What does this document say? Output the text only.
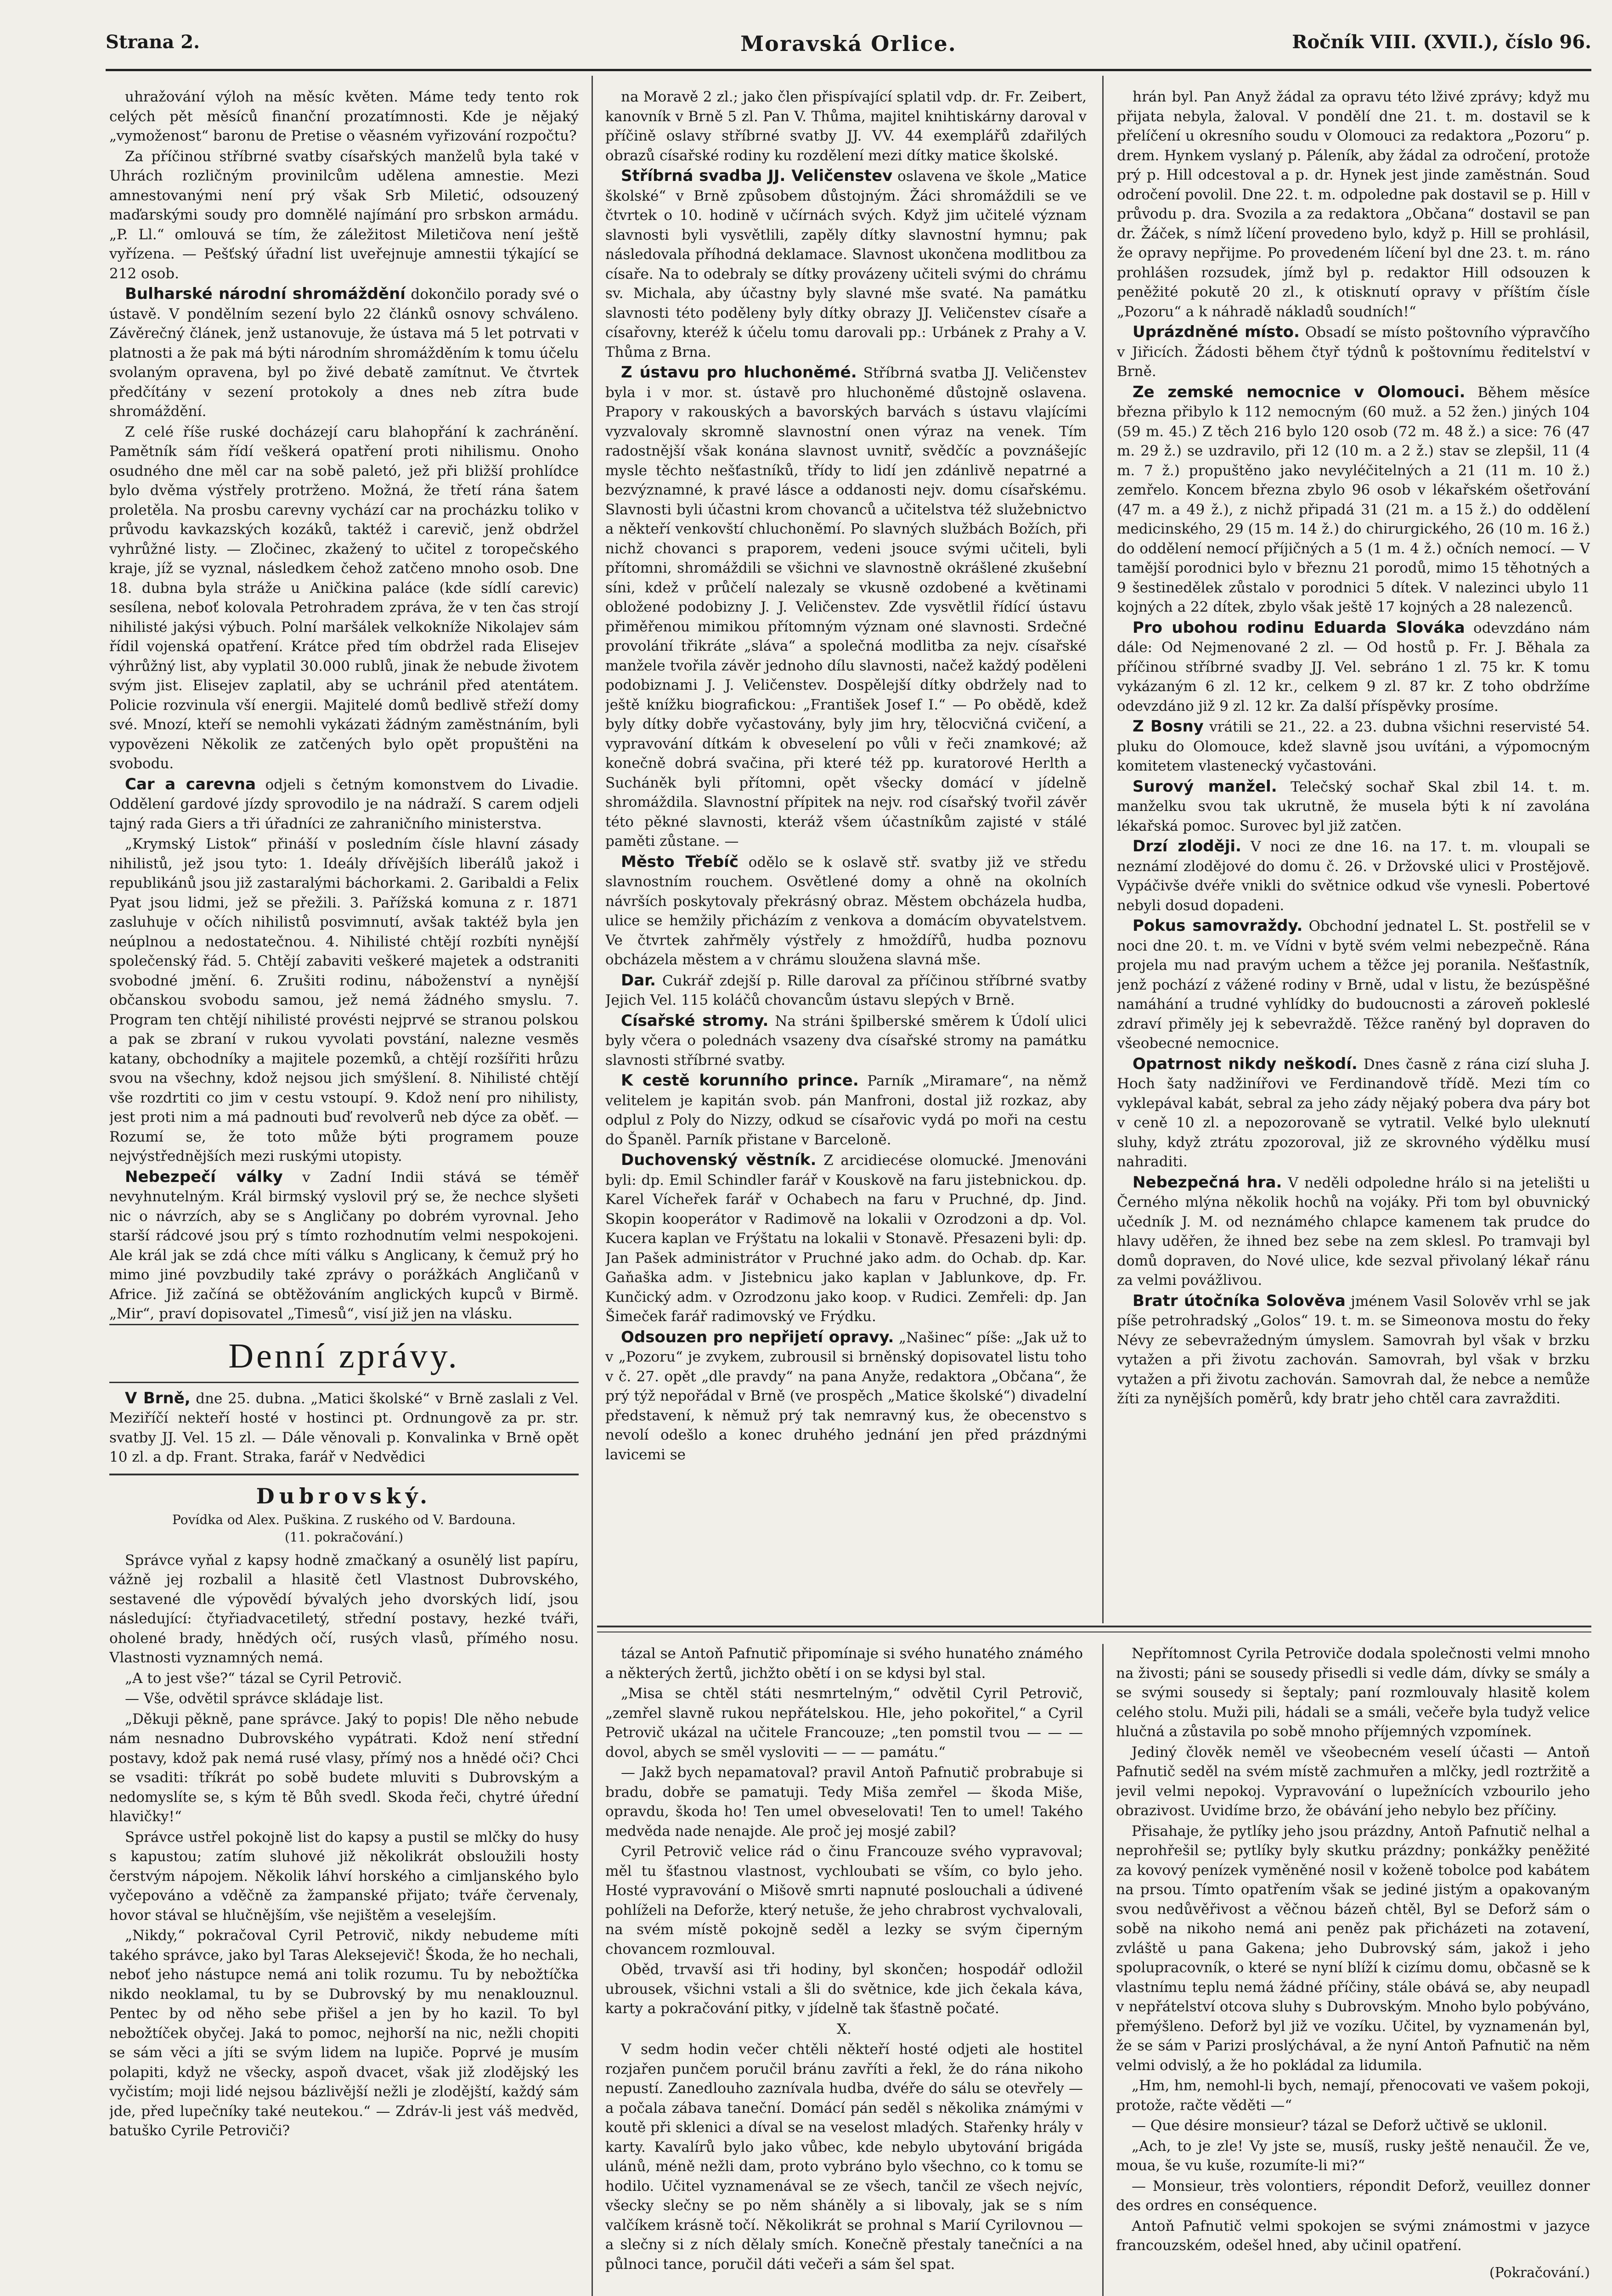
Strana 2.	Moravská Orlice.	Ročník VIII. (XVII.), číslo 96.

uhražování výloh na měsíc květen. Máme tedy tento rok celých pět měsíců finanční prozatímnosti. Kde je nějaký „vymoženost“ baronu de Pretise o věasném vyřizování rozpočtu?

Za příčinou stříbrné svatby císařských manželů byla také v Uhrách rozličným provinilcům udělena amnestie. Mezi amnestovanými není prý však Srb Miletić, odsouzený maďarskými soudy pro domnělé najímání pro srbskon armádu. „P. Ll.“ omlouvá se tím, že záležitost Miletičova není ještě vyřízena. — Pešťský úřadní list uveřejnuje amnestii týkající se 212 osob.

Bulharské národní shromáždění dokončilo porady své o ústavě. V pondělním sezení bylo 22 článků osnovy schváleno. Závěrečný článek, jenž ustanovuje, že ústava má 5 let potrvati v platnosti a že pak má býti národním shromážděním k tomu účelu svolaným opravena, byl po živé debatě zamítnut. Ve čtvrtek předčítány v sezení protokoly a dnes neb zítra bude shromáždění.

Z celé říše ruské docházejí caru blahopřání k zachránění. Pamětník sám řídí veškerá opatření proti nihilismu. Onoho osudného dne měl car na sobě paletó, jež při bližší prohlídce bylo dvěma výstřely protrženo. Možná, že třetí rána šatem proletěla. Na prosbu carevny vychází car na procházku toliko v průvodu kavkazských kozáků, taktéž i carevič, jenž obdržel vyhrůžné listy. — Zločinec, zkažený to učitel z toropečského kraje, jíž se vyznal, následkem čehož zatčeno mnoho osob. Dne 18. dubna byla stráže u Aničkina paláce (kde sídlí carevic) sesílena, neboť kolovala Petrohradem zpráva, že v ten čas strojí nihilisté jakýsi výbuch. Polní maršálek velkokníže Nikolajev sám řídil vojenská opatření. Krátce před tím obdržel rada Elisejev výhrůžný list, aby vyplatil 30.000 rublů, jinak že nebude životem svým jist. Elisejev zaplatil, aby se uchránil před atentátem. Policie rozvinula vší energii. Majitelé domů bedlivě střeží domy své. Mnozí, kteří se nemohli vykázati žádným zaměstnáním, byli vypovězeni Několik ze zatčených bylo opět propuštěni na svobodu.

Car a carevna odjeli s četným komonstvem do Livadie. Oddělení gardové jízdy sprovodilo je na nádraží. S carem odjeli tajný rada Giers a tři úřadníci ze zahraničního ministerstva.

„Krymský Listok“ přináší v posledním čísle hlavní zásady nihilistů, jež jsou tyto: 1. Ideály dřívějších liberálů jakož i republikánů jsou již zastaralými báchorkami. 2. Garibaldi a Felix Pyat jsou lidmi, jež se přežili. 3. Pařížská komuna z r. 1871 zasluhuje v očích nihilistů posvimnutí, avšak taktéž byla jen neúplnou a nedostatečnou. 4. Nihilisté chtějí rozbíti nynější společenský řád. 5. Chtějí zabaviti veškeré majetek a odstraniti svobodné jmění. 6. Zrušiti rodinu, náboženství a nynější občanskou svobodu samou, jež nemá žádného smyslu. 7. Program ten chtějí nihilisté provésti nejprvé se stranou polskou a pak se zbraní v rukou vyvolati povstání, nalezne vesměs katany, obchodníky a majitele pozemků, a chtějí rozšířiti hrůzu svou na všechny, kdož nejsou jich smýšlení. 8. Nihilisté chtějí vše rozdrtiti co jim v cestu vstoupí. 9. Kdož není pro nihilisty, jest proti nim a má padnouti buď revolverů neb dýce za oběť. — Rozumí se, že toto může býti programem pouze nejvýstřednějších mezi ruskými utopisty.

Nebezpečí války v Zadní Indii stává se téměř nevyhnutelným. Král birmský vyslovil prý se, že nechce slyšeti nic o návrzích, aby se s Angličany po dobrém vyrovnal. Jeho starší rádcové jsou prý s tímto rozhodnutím velmi nespokojeni. Ale král jak se zdá chce míti válku s Anglicany, k čemuž prý ho mimo jiné povzbudily také zprávy o porážkách Angličanů v Africe. Již začíná se obtěžováním anglických kupců v Birmě. „Mir“, praví dopisovatel „Timesů“, visí již jen na vlásku.

Denní zprávy.

V Brně, dne 25. dubna. „Matici školské“ v Brně zaslali z Vel. Meziříčí nekteří hosté v hostinci pt. Ordnungově za pr. str. svatby JJ. Vel. 15 zl. — Dále věnovali p. Konvalinka v Brně opět 10 zl. a dp. Frant. Straka, farář v Nedvědici

Dubrovský.

Povídka od Alex. Puškina. Z ruského od V. Bardouna.

(11. pokračování.)

Správce vyňal z kapsy hodně zmačkaný a osunělý list papíru, vážně jej rozbalil a hlasitě četl Vlastnost Dubrovského, sestavené dle výpovědí bývalých jeho dvorských lidí, jsou následující: čtyřiadvacetiletý, střední postavy, hezké tváři, oholené brady, hnědých očí, rusých vlasů, přímého nosu. Vlastnosti vyznamných nemá.

„A to jest vše?“ tázal se Cyril Petrovič.

— Vše, odvětil správce skládaje list.

„Děkuji pěkně, pane správce. Jaký to popis! Dle něho nebude nám nesnadno Dubrovského vypátrati. Kdož není střední postavy, kdož pak nemá rusé vlasy, přímý nos a hnědé oči? Chci se vsaditi: tříkrát po sobě budete mluviti s Dubrovským a nedomyslíte se, s kým tě Bůh svedl. Skoda řeči, chytré úřední hlavičky!“

Správce ustřel pokojně list do kapsy a pustil se mlčky do husy s kapustou; zatím sluhové již několikrát obsloužili hosty čerstvým nápojem. Několik láhví horského a cimljanského bylo vyčepováno a vděčně za žampanské přijato; tváře červenaly, hovor stával se hlučnějším, vše nejištěm a veselejším.

„Nikdy,“ pokračoval Cyril Petrovič, nikdy nebudeme míti takého správce, jako byl Taras Aleksejevič! Škoda, že ho nechali, neboť jeho nástupce nemá ani tolik rozumu. Tu by nebožtíčka nikdo neoklamal, tu by se Dubrovský by mu nenaklouznul. Pentec by od něho sebe přišel a jen by ho kazil. To byl nebožtíček obyčej. Jaká to pomoc, nejhorší na nic, nežli chopiti se sám věci a jíti se svým lidem na lupiče. Poprvé je musím polapiti, když ne všecky, aspoň dvacet, však již zlodějský les vyčistím; moji lidé nejsou bázlivější nežli je zlodějští, každý sám jde, před lupečníky také neutekou.“ — Zdráv-li jest váš medvěd, batuško Cyrile Petroviči?

na Moravě 2 zl.; jako člen přispívající splatil vdp. dr. Fr. Zeibert, kanovník v Brně 5 zl. Pan V. Thůma, majitel knihtiskárny daroval v příčině oslavy stříbrné svatby JJ. VV. 44 exemplářů zdařilých obrazů císařské rodiny ku rozdělení mezi dítky matice školské.

Stříbrná svadba JJ. Veličenstev oslavena ve škole „Matice školské“ v Brně způsobem důstojným. Žáci shromáždili se ve čtvrtek o 10. hodině v učírnách svých. Když jim učitelé význam slavnosti byli vysvětlili, zapěly dítky slavnostní hymnu; pak následovala příhodná deklamace. Slavnost ukončena modlitbou za císaře. Na to odebraly se dítky provázeny učiteli svými do chrámu sv. Michala, aby účastny byly slavné mše svaté. Na památku slavnosti této poděleny byly dítky obrazy JJ. Veličenstev císaře a císařovny, kteréž k účelu tomu darovali pp.: Urbánek z Prahy a V. Thůma z Brna.

Z ústavu pro hluchoněmé. Stříbrná svatba JJ. Veličenstev byla i v mor. st. ústavě pro hluchoněmé důstojně oslavena. Prapory v rakouských a bavorských barvách s ústavu vlajícími vyzvalovaly skromně slavnostní onen výraz na venek. Tím radostnější však konána slavnost uvnitř, svědčíc a povznášejíc mysle těchto nešťastníků, třídy to lidí jen zdánlivě nepatrné a bezvýznamné, k pravé lásce a oddanosti nejv. domu císařskému. Slavnosti byli účastni krom chovanců a učitelstva též služebnictvo a někteří venkovští chluchoněmí. Po slavných službách Božích, při nichž chovanci s praporem, vedeni jsouce svými učiteli, byli přítomni, shromáždili se všichni ve slavnostně okrášlené zkušební síni, kdež v průčelí nalezaly se vkusně ozdobené a květinami obložené podobizny J. J. Veličenstev. Zde vysvětlil řídící ústavu přiměřenou mimikou přítomným význam oné slavnosti. Srdečné provolání třikráte „sláva“ a společná modlitba za nejv. císařské manžele tvořila závěr jednoho dílu slavnosti, načež každý poděleni podobiznami J. J. Veličenstev. Dospělejší dítky obdržely nad to ještě knížku biografickou: „František Josef I.“ — Po obědě, kdež byly dítky dobře vyčastovány, byly jim hry, tělocvičná cvičení, a vypravování dítkám k obveselení po vůli v řeči znamkové; až konečně dobrá svačina, při které též pp. kuratorové Herlth a Sucháněk byli přítomni, opět všecky domácí v jídelně shromáždila. Slavnostní přípitek na nejv. rod císařský tvořil závěr této pěkné slavnosti, kteráž všem účastníkům zajisté v stálé paměti zůstane. —

Město Třebíč odělo se k oslavě stř. svatby již ve středu slavnostním rouchem. Osvětlené domy a ohně na okolních návrších poskytovaly překrásný obraz. Městem obcházela hudba, ulice se hemžily přicházím z venkova a domácím obyvatelstvem. Ve čtvrtek zahřměly výstřely z hmoždířů, hudba poznovu obcházela městem a v chrámu sloužena slavná mše.

Dar. Cukrář zdejší p. Rille daroval za příčinou stříbrné svatby Jejich Vel. 115 koláčů chovancům ústavu slepých v Brně.

Císařské stromy. Na stráni špilberské směrem k Údolí ulici byly včera o polednách vsazeny dva císařské stromy na památku slavnosti stříbrné svatby.

K cestě korunního prince. Parník „Miramare“, na němž velitelem je kapitán svob. pán Manfroni, dostal již rozkaz, aby odplul z Poly do Nizzy, odkud se císařovic vydá po moři na cestu do Španěl. Parník přistane v Barceloně.

Duchovenský věstník. Z arcidiecése olomucké. Jmenováni byli: dp. Emil Schindler farář v Kouskově na faru jistebnickou. dp. Karel Vícheřek farář v Ochabech na faru v Pruchné, dp. Jind. Skopin kooperátor v Radimově na lokalii v Ozrodzoni a dp. Vol. Kucera kaplan ve Frýštatu na lokalii v Stonavě. Přesazeni byli: dp. Jan Pašek administrátor v Pruchné jako adm. do Ochab. dp. Kar. Gaňaška adm. v Jistebnicu jako kaplan v Jablunkove, dp. Fr. Kunčický adm. v Ozrodzonu jako koop. v Rudici. Zemřeli: dp. Jan Šimeček farář radimovský ve Frýdku.

Odsouzen pro nepřijetí opravy. „Našinec“ píše: „Jak už to v „Pozoru“ je zvykem, zubrousil si brněnský dopisovatel listu toho v č. 27. opět „dle pravdy“ na pana Anyže, redaktora „Občana“, že prý týž nepořádal v Brně (ve prospěch „Matice školské“) divadelní představení, k němuž prý tak nemravný kus, že obecenstvo s nevolí odešlo a konec druhého jednání jen před prázdnými lavicemi se

hrán byl. Pan Anyž žádal za opravu této lživé zprávy; když mu přijata nebyla, žaloval. V pondělí dne 21. t. m. dostavil se k přelíčení u okresního soudu v Olomouci za redaktora „Pozoru“ p. drem. Hynkem vyslaný p. Páleník, aby žádal za odročení, protože prý p. Hill odcestoval a p. dr. Hynek jest jinde zaměstnán. Soud odročení povolil. Dne 22. t. m. odpoledne pak dostavil se p. Hill v průvodu p. dra. Svozila a za redaktora „Občana“ dostavil se pan dr. Žáček, s nímž líčení provedeno bylo, když p. Hill se prohlásil, že opravy nepřijme. Po provedeném líčení byl dne 23. t. m. ráno prohlášen rozsudek, jímž byl p. redaktor Hill odsouzen k peněžité pokutě 20 zl., k otisknutí opravy v příštím čísle „Pozoru“ a k náhradě nákladů soudních!“

Uprázdněné místo. Obsadí se místo poštovního výpravčího v Jiřicích. Žádosti během čtyř týdnů k poštovnímu ředitelství v Brně.

Ze zemské nemocnice v Olomouci. Během měsíce března přibylo k 112 nemocným (60 muž. a 52 žen.) jiných 104 (59 m. 45.) Z těch 216 bylo 120 osob (72 m. 48 ž.) a sice: 76 (47 m. 29 ž.) se uzdravilo, při 12 (10 m. a 2 ž.) stav se zlepšil, 11 (4 m. 7 ž.) propuštěno jako nevyléčitelných a 21 (11 m. 10 ž.) zemřelo. Koncem března zbylo 96 osob v lékařském ošetřování (47 m. a 49 ž.), z nichž připadá 31 (21 m. a 15 ž.) do oddělení medicinského, 29 (15 m. 14 ž.) do chirurgického, 26 (10 m. 16 ž.) do oddělení nemocí příjičných a 5 (1 m. 4 ž.) očních nemocí. — V tamější porodnici bylo v březnu 21 porodů, mimo 15 těhotných a 9 šestinedělek zůstalo v porodnici 5 dítek. V nalezinci ubylo 11 kojných a 22 dítek, zbylo však ještě 17 kojných a 28 nalezenců.

Pro ubohou rodinu Eduarda Slováka odevzdáno nám dále: Od Nejmenované 2 zl. — Od hostů p. Fr. J. Běhala za příčinou stříbrné svadby JJ. Vel. sebráno 1 zl. 75 kr. K tomu vykázaným 6 zl. 12 kr., celkem 9 zl. 87 kr. Z toho obdržíme odevzdáno již 9 zl. 12 kr. Za další příspěvky prosíme.

Z Bosny vrátili se 21., 22. a 23. dubna všichni reservisté 54. pluku do Olomouce, kdež slavně jsou uvítáni, a výpomocným komitetem vlastenecký vyčastováni.

Surový manžel. Telečský sochař Skal zbil 14. t. m. manželku svou tak ukrutně, že musela býti k ní zavolána lékařská pomoc. Surovec byl již zatčen.

Drzí zloději. V noci ze dne 16. na 17. t. m. vloupali se neznámí zlodějové do domu č. 26. v Držovské ulici v Prostějově. Vypáčivše dvéře vnikli do světnice odkud vše vynesli. Pobertové nebyli dosud dopadeni.

Pokus samovraždy. Obchodní jednatel L. St. postřelil se v noci dne 20. t. m. ve Vídni v bytě svém velmi nebezpečně. Rána projela mu nad pravým uchem a těžce jej poranila. Nešťastník, jenž pochází z vážené rodiny v Brně, udal v listu, že bezúspěšné namáhání a trudné vyhlídky do budoucnosti a zároveň pokleslé zdraví přiměly jej k sebevraždě. Těžce raněný byl dopraven do všeobecné nemocnice.

Opatrnost nikdy neškodí. Dnes časně z rána cizí sluha J. Hoch šaty nadžinířovi ve Ferdinandově třídě. Mezi tím co vyklepával kabát, sebral za jeho zády nějaký pobera dva páry bot v ceně 10 zl. a nepozorovaně se vytratil. Velké bylo uleknutí sluhy, když ztrátu zpozoroval, již ze skrovného výdělku musí nahraditi.

Nebezpečná hra. V neděli odpoledne hrálo si na jetelišti u Černého mlýna několik hochů na vojáky. Při tom byl obuvnický učedník J. M. od neznámého chlapce kamenem tak prudce do hlavy uděřen, že ihned bez sebe na zem sklesl. Po tramvaji byl domů dopraven, do Nové ulice, kde sezval přivolaný lékař ránu za velmi povážlivou.

Bratr útočníka Solověva jménem Vasil Solověv vrhl se jak píše petrohradský „Golos“ 19. t. m. se Simeonova mostu do řeky Névy ze sebevražedným úmyslem. Samovrah byl však v brzku vytažen a při životu zachován. Samovrah, byl však v brzku vytažen a při životu zachován. Samovrah dal, že nebce a nemůže žíti za nynějších poměrů, kdy bratr jeho chtěl cara zavražditi.

tázal se Antoň Pafnutič připomínaje si svého hunatého známého a některých žertů, jichžto obětí i on se kdysi byl stal.

„Misa se chtěl státi nesmrtelným,“ odvětil Cyril Petrovič, „zemřel slavně rukou nepřátelskou. Hle, jeho pokořitel,“ a Cyril Petrovič ukázal na učitele Francouze; „ten pomstil tvou — — — dovol, abych se směl vysloviti — — — památu.“

— Jakž bych nepamatoval? pravil Antoň Pafnutič probrabuje si bradu, dobře se pamatuji. Tedy Miša zemřel — škoda Miše, opravdu, škoda ho! Ten umel obveselovati! Ten to umel! Takého medvěda nade nenajde. Ale proč jej mosjé zabil?

Cyril Petrovič velice rád o činu Francouze svého vypravoval; měl tu šťastnou vlastnost, vychloubati se vším, co bylo jeho. Hosté vypravování o Mišově smrti napnuté poslouchali a údivené pohlíželi na Deforže, který netuše, že jeho chrabrost vychvalovali, na svém místě pokojně seděl a lezky se svým čiperným chovancem rozmlouval.

Oběd, trvavší asi tři hodiny, byl skončen; hospodář odložil ubrousek, všichni vstali a šli do světnice, kde jich čekala káva, karty a pokračování pitky, v jídelně tak šťastně počaté.

X.

V sedm hodin večer chtěli někteří hosté odjeti ale hostitel rozjařen punčem poručil bránu zavříti a řekl, že do rána nikoho nepustí. Zanedlouho zaznívala hudba, dvéře do sálu se otevřely — a počala zábava taneční. Domácí pán seděl s několika známými v koutě při sklenici a díval se na veselost mladých. Stařenky hrály v karty. Kavalírů bylo jako vůbec, kde nebylo ubytování brigáda ulánů, méně nežli dam, proto vybráno bylo všechno, co k tomu se hodilo. Učitel vyznamenával se ze všech, tančil ze všech nejvíc, všecky slečny se po něm sháněly a si libovaly, jak se s ním valčíkem krásně točí. Několikrát se prohnal s Marií Cyrilovnou — a slečny si z ních dělaly smích. Konečně přestaly tanečníci a na půlnoci tance, poručil dáti večeři a sám šel spat.

Nepřítomnost Cyrila Petroviče dodala společnosti velmi mnoho na živosti; páni se sousedy přisedli si vedle dám, dívky se smály a se svými sousedy si šeptaly; paní rozmlouvaly hlasitě kolem celého stolu. Muži pili, hádali se a smáli, večeře byla tudyž velice hlučná a zůstavila po sobě mnoho příjemných vzpomínek.

Jediný člověk neměl ve všeobecném veselí účasti — Antoň Pafnutič seděl na svém místě zachmuřen a mlčky, jedl roztržitě a jevil velmi nepokoj. Vypravování o lupežnících vzbourilo jeho obrazivost. Uvidíme brzo, že obávání jeho nebylo bez příčiny.

Přisahaje, že pytlíky jeho jsou prázdny, Antoň Pafnutič nelhal a neprohřešil se; pytlíky byly skutku prázdny; ponkážky peněžité za kovový penízek vyměněné nosil v koženě tobolce pod kabátem na prsou. Tímto opatřením však se jediné jistým a opakovaným svou nedůvěřivost a věčnou bázeň chtěl, Byl se Deforž sám o sobě na nikoho nemá ani peněz pak přicházeti na zotavení, zvláště u pana Gakena; jeho Dubrovský sám, jakož i jeho spolupracovník, o které se nyní blíží k cizímu domu, občasně se k vlastnímu teplu nemá žádné příčiny, stále obává se, aby neupadl v nepřátelství otcova sluhy s Dubrovským. Mnoho bylo pobýváno, přemýšleno. Deforž byl již ve vozíku. Učitel, by vyznamenán byl, že se sám v Parizi proslýchával, a že nyní Antoň Pafnutič na něm velmi odvislý, a že ho pokládal za lidumila.

„Hm, hm, nemohl-li bych, nemají, přenocovati ve vašem pokoji, protože, račte věděti —“

— Que désire monsieur? tázal se Deforž učtivě se uklonil.

„Ach, to je zle! Vy jste se, musíš, rusky ještě nenaučil. Že ve, moua, še vu kuše, rozumíte-li mi?“

— Monsieur, très volontiers, répondit Deforž, veuillez donner des ordres en conséquence.

Antoň Pafnutič velmi spokojen se svými známostmi v jazyce francouzském, odešel hned, aby učinil opatření.

(Pokračování.)
